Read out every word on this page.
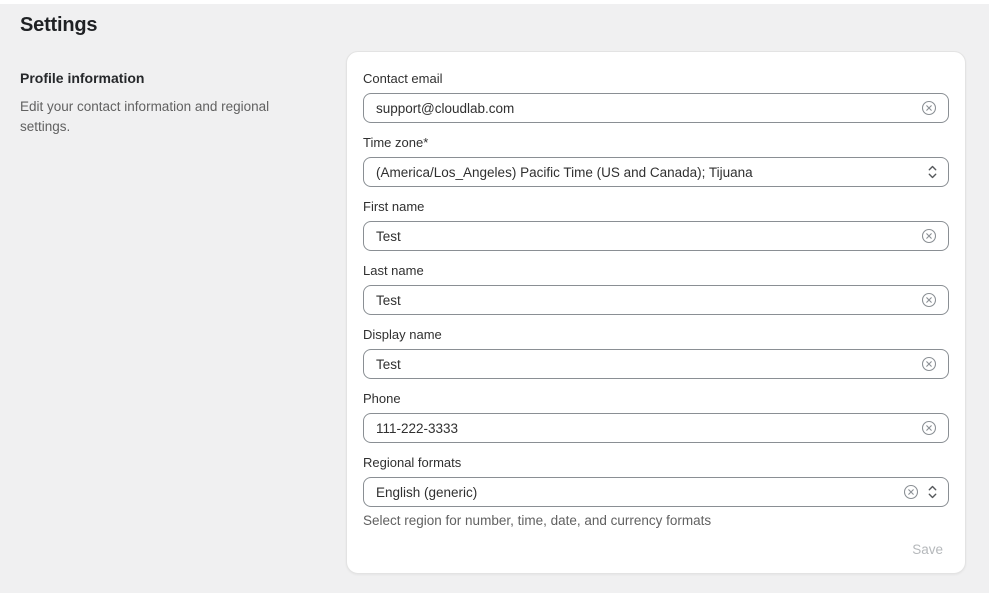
Settings
Profile information

Edit your contact information and regional settings.

Contact email
support@cloudlab.com
Time zone*
(America/Los_Angeles) Pacific Time (US and Canada); Tijuana
First name
Test
Last name
Test
Display name
Test
Phone
111-222-3333
Regional formats
English (generic)

Select region for number, time, date, and currency formats

Save
